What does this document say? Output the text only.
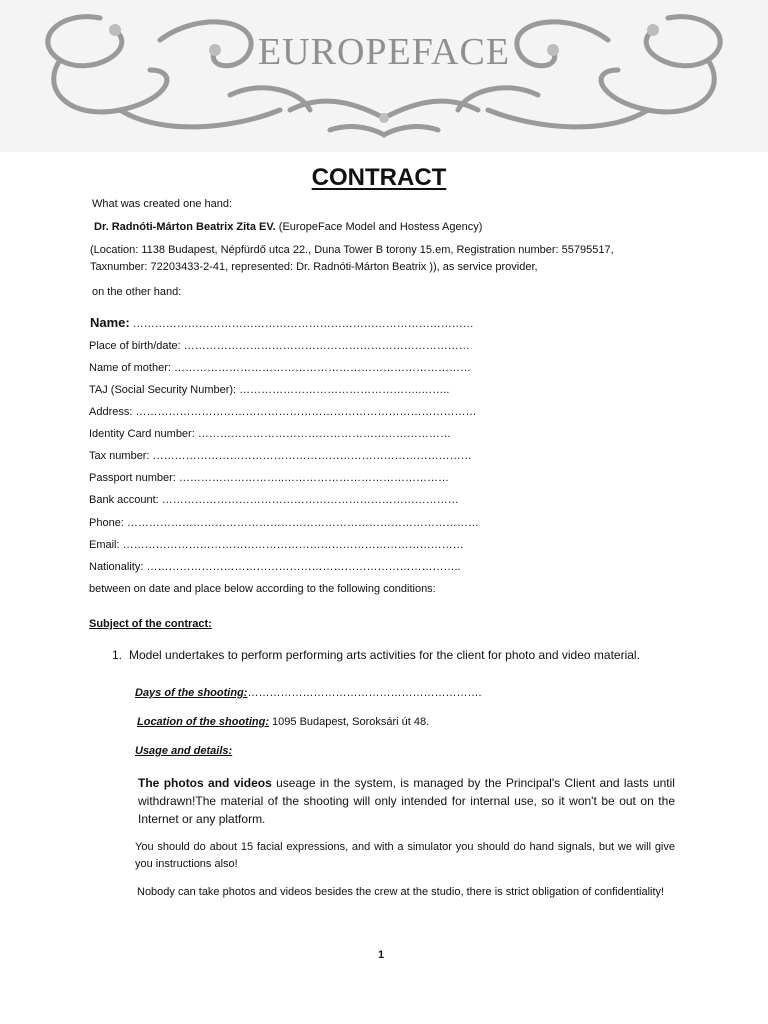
EUROPEFACE
CONTRACT
What was created one hand:
Dr. Radnóti-Márton Beatrix Zita EV. (EuropeFace Model and Hostess Agency)
(Location: 1138 Budapest, Népfürdő utca 22., Duna Tower B torony 15.em, Registration number: 55795517,
Taxnumber: 72203433-2-41, represented: Dr. Radnóti-Márton Beatrix )), as service provider,
on the other hand:
Name: …………………………………………………………………………………
Place of birth/date: ……………………………………………………………………
Name of mother: ………………………………………………………………………
TAJ (Social Security Number): …………………………………………..……..
Address: …………………………………………………………………………………
Identity Card number: ……………………………………………………………
Tax number: ……………………………………………………………………………
Passport number: ………………………..………………………………………
Bank account: ………………………………………………………………………
Phone: ……………………………………………………………………………………
Email: …………………………………………………………………………………
Nationality: …………………………………………………………………………..
between on date and place below according to the following conditions:
Subject of the contract:
1. Model undertakes to perform performing arts activities for the client for photo and video material.
Days of the shooting:……………………………………………………….
Location of the shooting: 1095 Budapest, Soroksári út 48.
Usage and details:
The photos and videos useage in the system, is managed by the Principal's Client and lasts until withdrawn!The material of the shooting will only intended for internal use, so it won't be out on the Internet or any platform.
You should do about 15 facial expressions, and with a simulator you should do hand signals, but we will give you instructions also!
Nobody can take photos and videos besides the crew at the studio, there is strict obligation of confidentiality!
1
